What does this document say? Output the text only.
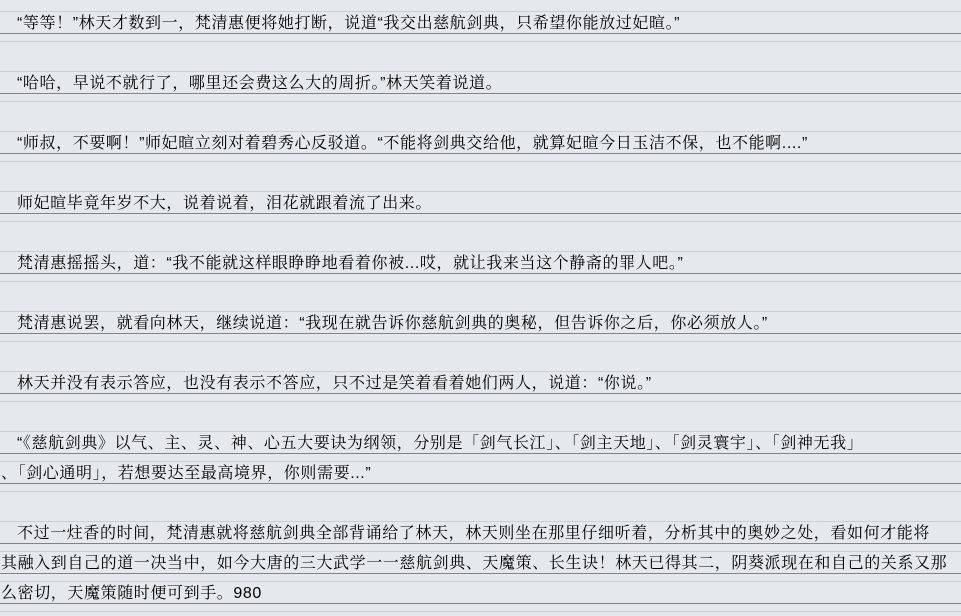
“等等！”林天才数到一，梵清惠便将她打断，说道“我交出慈航剑典，只希望你能放过妃暄。”
“哈哈，早说不就行了，哪里还会费这么大的周折。”林天笑着说道。
“师叔，不要啊！”师妃暄立刻对着碧秀心反驳道。“不能将剑典交给他，就算妃暄今日玉洁不保，也不能啊....”
师妃暄毕竟年岁不大，说着说着，泪花就跟着流了出来。
梵清惠摇摇头，道：“我不能就这样眼睁睁地看着你被...哎，就让我来当这个静斋的罪人吧。”
梵清惠说罢，就看向林天，继续说道：“我现在就告诉你慈航剑典的奥秘，但告诉你之后，你必须放人。”
林天并没有表示答应，也没有表示不答应，只不过是笑着看着她们两人，说道：“你说。”
“《慈航剑典》以气、主、灵、神、心五大要诀为纲领，分别是「剑气长江」、「剑主天地」、「剑灵寰宇」、「剑神无我」
、「剑心通明」，若想要达至最高境界，你则需要...”
不过一炷香的时间，梵清惠就将慈航剑典全部背诵给了林天，林天则坐在那里仔细听着，分析其中的奥妙之处，看如何才能将
其融入到自己的道一决当中，如今大唐的三大武学一一慈航剑典、天魔策、长生诀！林天已得其二，阴葵派现在和自己的关系又那
么密切，天魔策随时便可到手。980
